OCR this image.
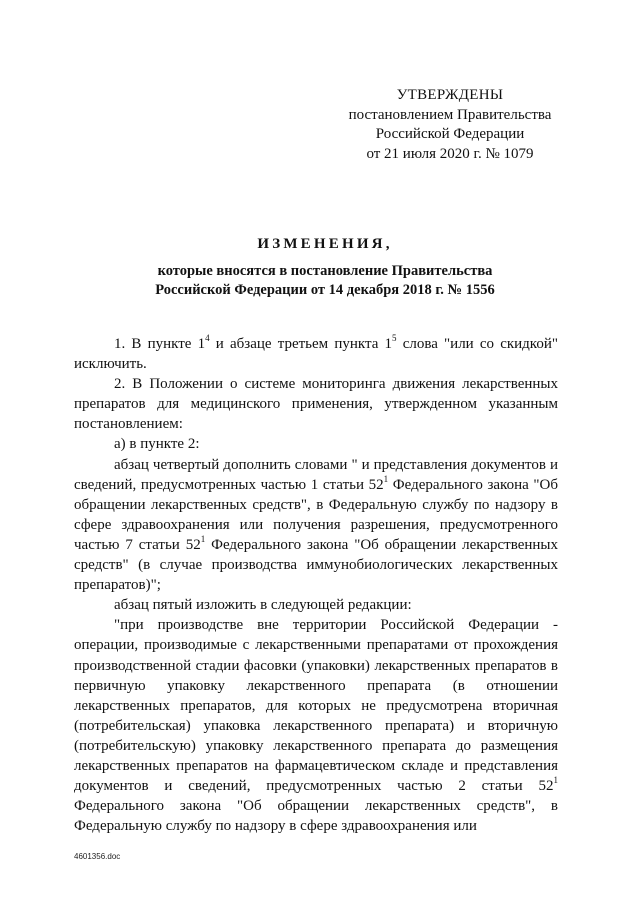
УТВЕРЖДЕНЫ
постановлением Правительства
Российской Федерации
от 21 июля 2020 г. № 1079
ИЗМЕНЕНИЯ,
которые вносятся в постановление Правительства
Российской Федерации от 14 декабря 2018 г. № 1556

1. В пункте $1^4$ и абзаце третьем пункта $1^5$ слова "или со скидкой" исключить.

2. В Положении о системе мониторинга движения лекарственных препаратов для медицинского применения, утвержденном указанным постановлением:

а) в пункте 2:

абзац четвертый дополнить словами " и представления документов и сведений, предусмотренных частью 1 статьи $52^1$ Федерального закона "Об обращении лекарственных средств", в Федеральную службу по надзору в сфере здравоохранения или получения разрешения, предусмотренного частью 7 статьи $52^1$ Федерального закона "Об обращении лекарственных средств" (в случае производства иммунобиологических лекарственных препаратов)";

абзац пятый изложить в следующей редакции:

"при производстве вне территории Российской Федерации - операции, производимые с лекарственными препаратами от прохождения производственной стадии фасовки (упаковки) лекарственных препаратов в первичную упаковку лекарственного препарата (в отношении лекарственных препаратов, для которых не предусмотрена вторичная (потребительская) упаковка лекарственного препарата) и вторичную (потребительскую) упаковку лекарственного препарата до размещения лекарственных препаратов на фармацевтическом складе и представления документов и сведений, предусмотренных частью 2 статьи $52^1$ Федерального закона "Об обращении лекарственных средств", в Федеральную службу по надзору в сфере здравоохранения или

4601356.doc
